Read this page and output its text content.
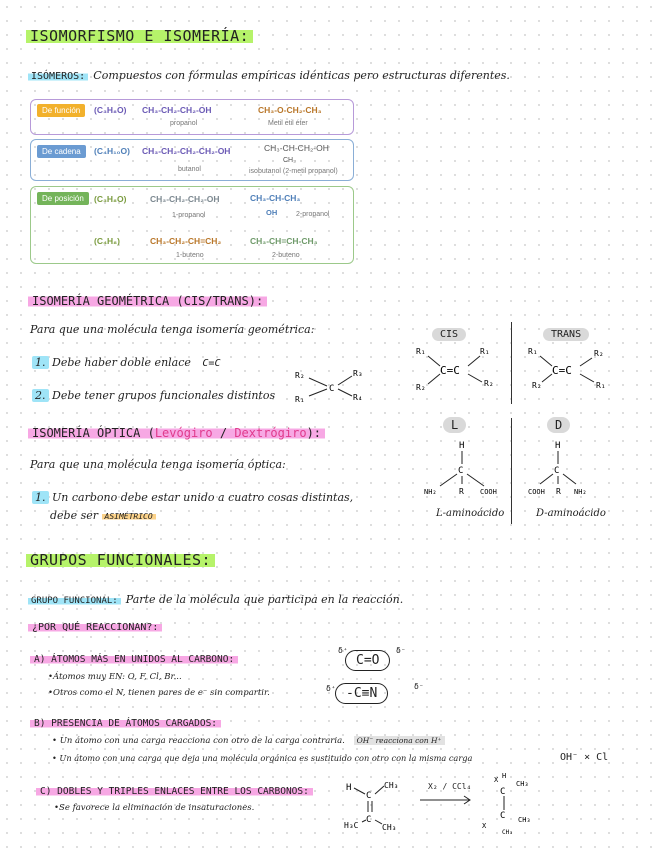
ISOMORFISMO E ISOMERÍA:
ISÓMEROS: Compuestos con fórmulas empíricas idénticas pero estructuras diferentes.
De función	(C₃H₈O) CH₃-CH₂-CH₂-OH
propanol
CH₃-O-CH₂-CH₃
Metil etil éter
De cadena	(C₄H₁₀O) CH₃-CH₂-CH₂-CH₂-OH
butanol
CH₃-CH-CH₂-OH
CH₃
isobutanol (2-metil propanol)
De posición	(C₃H₈O)	CH₃-CH₂-CH₂-OH
1-propanol
CH₃-CH-CH₃
OH	2-propanol
(C₄H₈)	CH₃-CH₂-CH=CH₂
1-buteno
CH₃-CH=CH-CH₃
2-buteno
ISOMERÍA GEOMÉTRICA (CIS/TRANS):
Para que una molécula tenga isomería geométrica:
1. Debe haber doble enlace C=C
2. Debe tener grupos funcionales distintos
R₂
R₁
C
R₃
R₄
CIS	TRANS
R₁	R₁
R₂	R₂
C=C
R₁	R₂
R₂	R₁
C=C
ISOMERÍA ÓPTICA (Levógiro / Dextrógiro):
Para que una molécula tenga isomería óptica:
1. Un carbono debe estar unido a cuatro cosas distintas,
debe ser ASIMÉTRICO
L	D
H
C
NH₂	R COOH
H
C
COOH R NH₂
L-aminoácido	D-aminoácido
GRUPOS FUNCIONALES:
GRUPO FUNCIONAL: Parte de la molécula que participa en la reacción.
¿POR QUÉ REACCIONAN?:
A) ÁTOMOS MÁS EN UNIDOS AL CARBONO:
•Átomos muy EN: O, F, Cl, Br...
•Otros como el N, tienen pares de e⁻ sin compartir.
δ⁺
C=O
δ⁻
δ⁺ -C≡N	δ⁻
B) PRESENCIA DE ÁTOMOS CARGADOS:
• Un átomo con una carga reacciona con otro de la carga contraria. OH⁻ reacciona con H⁺
• Un átomo con una carga que deja una molécula orgánica es sustituido con otro con la misma carga	OH⁻ × Cl
C) DOBLES Y TRIPLES ENLACES ENTRE LOS CARBONOS:
•Se favorece la eliminación de insaturaciones.
H
C
CH₃
C
H₃C	CH₃
X H
C
CH₃
C
X
CH₃
CH₃
X₂ / CCl₄
